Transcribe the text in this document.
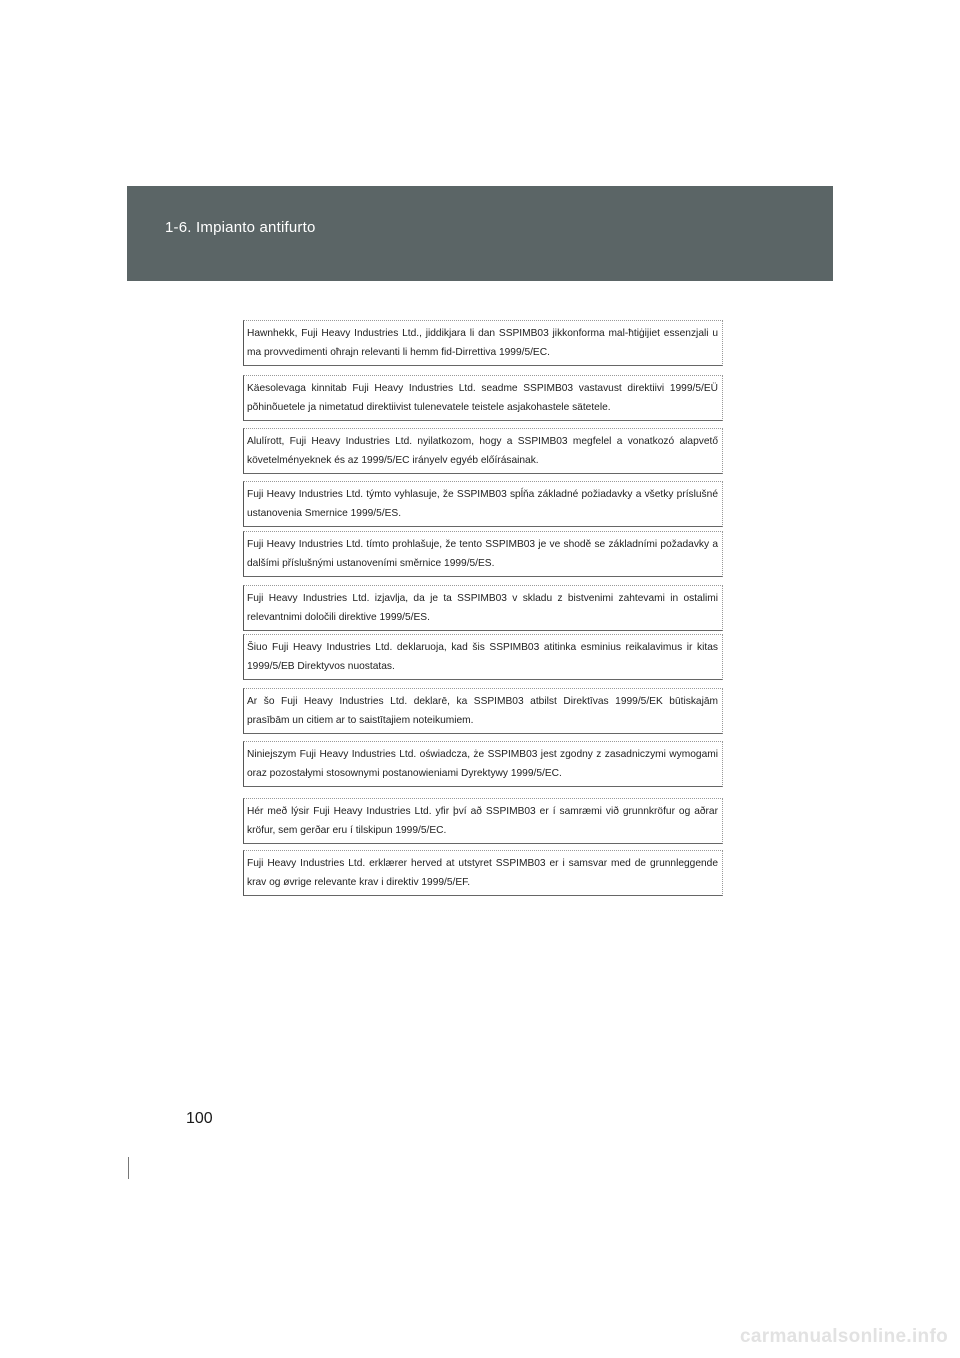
1-6. Impianto antifurto
Hawnhekk, Fuji Heavy Industries Ltd., jiddikjara li dan SSPIMB03 jikkonforma mal-ħtiġijiet essenzjali u ma provvedimenti oħrajn relevanti li hemm fid-Dirrettiva 1999/5/EC.
Käesolevaga kinnitab Fuji Heavy Industries Ltd. seadme SSPIMB03 vastavust direktiivi 1999/5/EÜ põhinõuetele ja nimetatud direktiivist tulenevatele teistele asjakohastele sätetele.
Alulírott, Fuji Heavy Industries Ltd. nyilatkozom, hogy a SSPIMB03 megfelel a vonatkozó alapvető követelményeknek és az 1999/5/EC irányelv egyéb előírásainak.
Fuji Heavy Industries Ltd. týmto vyhlasuje, že SSPIMB03 spĺňa základné požiadavky a všetky príslušné ustanovenia Smernice 1999/5/ES.
Fuji Heavy Industries Ltd. tímto prohlašuje, že tento SSPIMB03 je ve shodě se základními požadavky a dalšími příslušnými ustanoveními směrnice 1999/5/ES.
Fuji Heavy Industries Ltd. izjavlja, da je ta SSPIMB03 v skladu z bistvenimi zahtevami in ostalimi relevantnimi določili direktive 1999/5/ES.
Šiuo Fuji Heavy Industries Ltd. deklaruoja, kad šis SSPIMB03 atitinka esminius reikalavimus ir kitas 1999/5/EB Direktyvos nuostatas.
Ar šo Fuji Heavy Industries Ltd. deklarē, ka SSPIMB03 atbilst Direktīvas 1999/5/EK būtiskajām prasībām un citiem ar to saistītajiem noteikumiem.
Niniejszym Fuji Heavy Industries Ltd. oświadcza, że SSPIMB03 jest zgodny z zasadniczymi wymogami oraz pozostałymi stosownymi postanowieniami Dyrektywy 1999/5/EC.
Hér með lýsir Fuji Heavy Industries Ltd. yfir því að SSPIMB03 er í samræmi við grunnkröfur og aðrar kröfur, sem gerðar eru í tilskipun 1999/5/EC.
Fuji Heavy Industries Ltd. erklærer herved at utstyret SSPIMB03 er i samsvar med de grunnleggende krav og øvrige relevante krav i direktiv 1999/5/EF.
100
carmanualsonline.info
